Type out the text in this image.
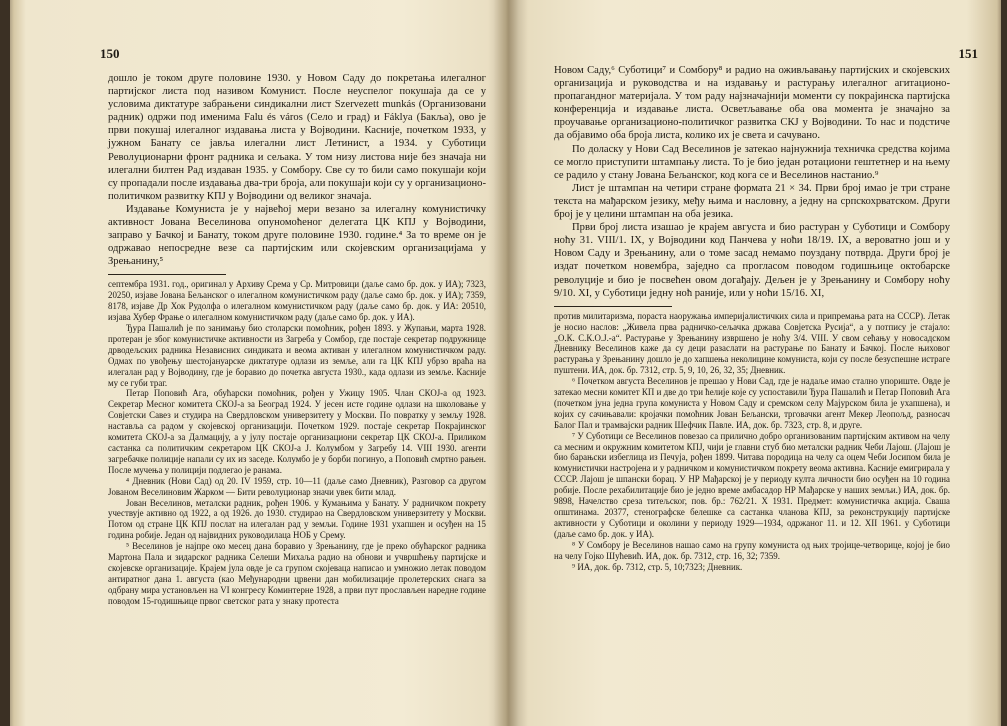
150

дошло је током друге половине 1930. у Новом Саду до покретања илегалног партијског листа под називом Комунист. После неуспелог покушаја да се у условима диктатуре забрањени синдикални лист Szervezett munkás (Организовани радник) одржи под именима Falu és város (Село и град) и Fáklya (Бакља), ово је први покушај илегалног издавања листа у Војводини. Касније, почетком 1933, у јужном Банату се јавља илегални лист Летинист, а 1934. у Суботици Револуционарни фронт радника и сељака. У том низу листова није без значаја ни илегални билтен Рад издаван 1935. у Сомбору. Све су то били само покушаји који су пропадали после издавања два-три броја, али покушаји који су у организационо-политичком развитку КПЈ у Војводини од великог значаја.

Издавање Комуниста је у највећој мери везано за илегалну комунистичку активност Јована Веселинова опуномоћеног делегата ЦК КПЈ у Војводини, заправо у Бачкој и Банату, током друге половине 1930. године.⁴ За то време он је одржавао непосредне везе са партијским или скојевским организацијама у Зрењанину,⁵

септембра 1931. год., оригинал у Архиву Срема у Ср. Митровици (даље само бр. док. у ИА); 7323, 20250, изјаве Јована Бељанског о илегалном комунистичком раду (даље само бр. док. у ИА); 7359, 8178, изјаве Др Хок Рудолфа о илегалном комунистичком раду (даље само бр. док. у ИА: 20510, изјава Хубер Фрање о илегалном комунистичком раду (даље само бр. док. у ИА).

Ђура Пашалић је по занимању био столарски помоћник, рођен 1893. у Жупањи, марта 1928. протеран је због комунистичке активности из Загреба у Сомбор, где постаје секретар подружнице дрводељских радника Независних синдиката и веома активан у илегалном комунистичком раду. Одмах по увођењу шестојануарске диктатуре одлази из земље, али га ЦК КПЈ убрзо враћа на илегалан рад у Војводину, где је боравио до почетка августа 1930., када одлази из земље. Касније му се губи траг.

Петар Поповић Ага, обућарски помоћник, рођен у Ужицу 1905. Члан СКОЈ-а од 1923. Секретар Месног комитета СКОЈ-а за Београд 1924. У јесен исте године одлази на школовање у Совјетски Савез и студира на Свердловском универзитету у Москви. По повратку у земљу 1928. наставља са радом у скојевској организацији. Почетком 1929. постаје секретар Покрајинског комитета СКОЈ-а за Далмацију, а у јулу постаје организациони секретар ЦК СКОЈ-а. Приликом састанка са политичким секретаром ЦК СКОЈ-а Ј. Колумбом у Загребу 14. VIII 1930. агенти загребачке полиције напали су их из заседе. Колумбо је у борби погинуо, а Поповић смртно рањен. После мучења у полицији подлегао је ранама.

⁴ Дневник (Нови Сад) од 20. IV 1959, стр. 10—11 (даље само Дневник), Разговор са другом Јованом Веселиновим Жарком — Бити револуционар значи увек бити млад.

Јован Веселинов, металски радник, рођен 1906. у Кумањима у Банату. У радничком покрету учествује активно од 1922, а од 1926. до 1930. студирао на Свердловском универзитету у Москви. Потом од стране ЦК КПЈ послат на илегалан рад у земљи. Године 1931 ухапшен и осуђен на 15 година робије. Један од највидних руководилаца НОБ у Срему.

⁵ Веселинов је најпре око месец дана боравио у Зрењанину, где је преко обућарског радника Мартона Пала и зидарског радника Селеши Михаља радио на обнови и учвршћењу партијске и скојевске организације. Крајем јула овде је са групом скојеваца написао и умножио летак поводом антиратног дана 1. августа (као Међународни црвени дан мобилизације пролетерских снага за одбрану мира установљен на VI конгресу Коминтерне 1928, а први пут прослављен наредне године поводом 15-годишњице првог светског рата у знаку протеста

151

Новом Саду,⁶ Суботици⁷ и Сомбору⁸ и радио на оживљавању партијских и скојевских организација и руководства и на издавању и растурању илегалног агитационо-пропагандног материјала. У том раду најзначајнији моменти су покрајинска партијска конференција и издавање листа. Осветљавање оба ова момента је значајно за проучавање организационо-политичког развитка СКЈ у Војводини. То нас и подстиче да објавимо оба броја листа, колико их је света и сачувано.

По доласку у Нови Сад Веселинов је затекао најнужнија техничка средства којима се могло приступити штампању листа. То је био један ротациони гештетнер и на њему се радило у стану Јована Бељанског, код кога се и Веселинов настанио.⁹

Лист је штампан на четири стране формата 21 × 34. Први број имао је три стране текста на мађарском језику, међу њима и насловну, а једну на српскохрватском. Други број је у целини штампан на оба језика.

Први број листа изашао је крајем августа и био растуран у Суботици и Сомбору ноћу 31. VIII/1. IX, у Војводини код Панчева у ноћи 18/19. IX, а вероватно још и у Новом Саду и Зрењанину, али о томе засад немамо поуздану потврдa. Други број је издат почетком новембра, заједно са прогласом поводом годишњице октобарске револуције и био је посвећен овом догађају. Дељен је у Зрењанину и Сомбору ноћу 9/10. XI, у Суботици једну ноћ раније, или у ноћи 15/16. XI,

против милитаризма, пораста наоружања империјалистичких сила и припремања рата на СССР). Летак је носио наслов: „Живела прва радничко-сељачка држава Совјетска Русија“, а у потпису је стајало: „О.К. С.К.О.Ј.-а“. Растурање у Зрењанину извршено је ноћу 3/4. VIII. У свом сећању у новосадском Дневнику Веселинов каже да су деци разаслати на растурање по Банату и Бачкој. После њиховог растурања у Зрењанину дошло је до хапшења неколицине комуниста, који су после безуспешне истраге пуштени. ИА, док. бр. 7312, стр. 5, 9, 10, 26, 32, 35; Дневник.

⁶ Почетком августа Веселинов је прешао у Нови Сад, где је надаље имао стално упориште. Овде је затекао месни комитет КП и две до три ћелије које су успоставили Ђура Пашалић и Петар Поповић Ага (почетком јуна једна група комуниста у Новом Саду и сремском селу Мајурском била је ухапшена), и којих су сачињавали: кројачки помоћник Јован Бељански, трговачки агент Мекер Леопољд, разносач Балог Пал и трамвајски радник Шефчик Павле. ИА, док. бр. 7323, стр. 8, и друге.

⁷ У Суботици се Веселинов повезао са прилично добро организованим партијским активом на челу са месним и окружним комитетом КПЈ, чији је главни стуб био металски радник Чеби Лајош. (Лајош је био барањски избеглица из Печуја, рођен 1899. Читава породица на челу са оцем Чеби Јосипом била је комунистички настројена и у радничком и комунистичком покрету веома активна. Касније емигрирала у СССР. Лајош је шпански борац. У НР Мађарској је у периоду култа личности био осуђен на 10 година робије. После рехабилитације био је једно време амбасадор НР Мађарске у наших земљи.) ИА, док. бр. 9898, Начелство среза титељског, пов. бр.: 762/21. X 1931. Предмет: комунистичка акција. Сваша општинама. 20377, стенографске белешке са састанка чланова КПЈ, за реконструкцију партијске активности у Суботици и околини у периоду 1929—1934, одржаног 11. и 12. XII 1961. у Суботици (даље само бр. док. у ИА).

⁸ У Сомбору је Веселинов нашао само на групу комуниста од њих тројице-четворице, којој је био на челу Гојко Шућевић. ИА, док. бр. 7312, стр. 16, 32; 7359.

⁹ ИА, док. бр. 7312, стр. 5, 10;7323; Дневник.
